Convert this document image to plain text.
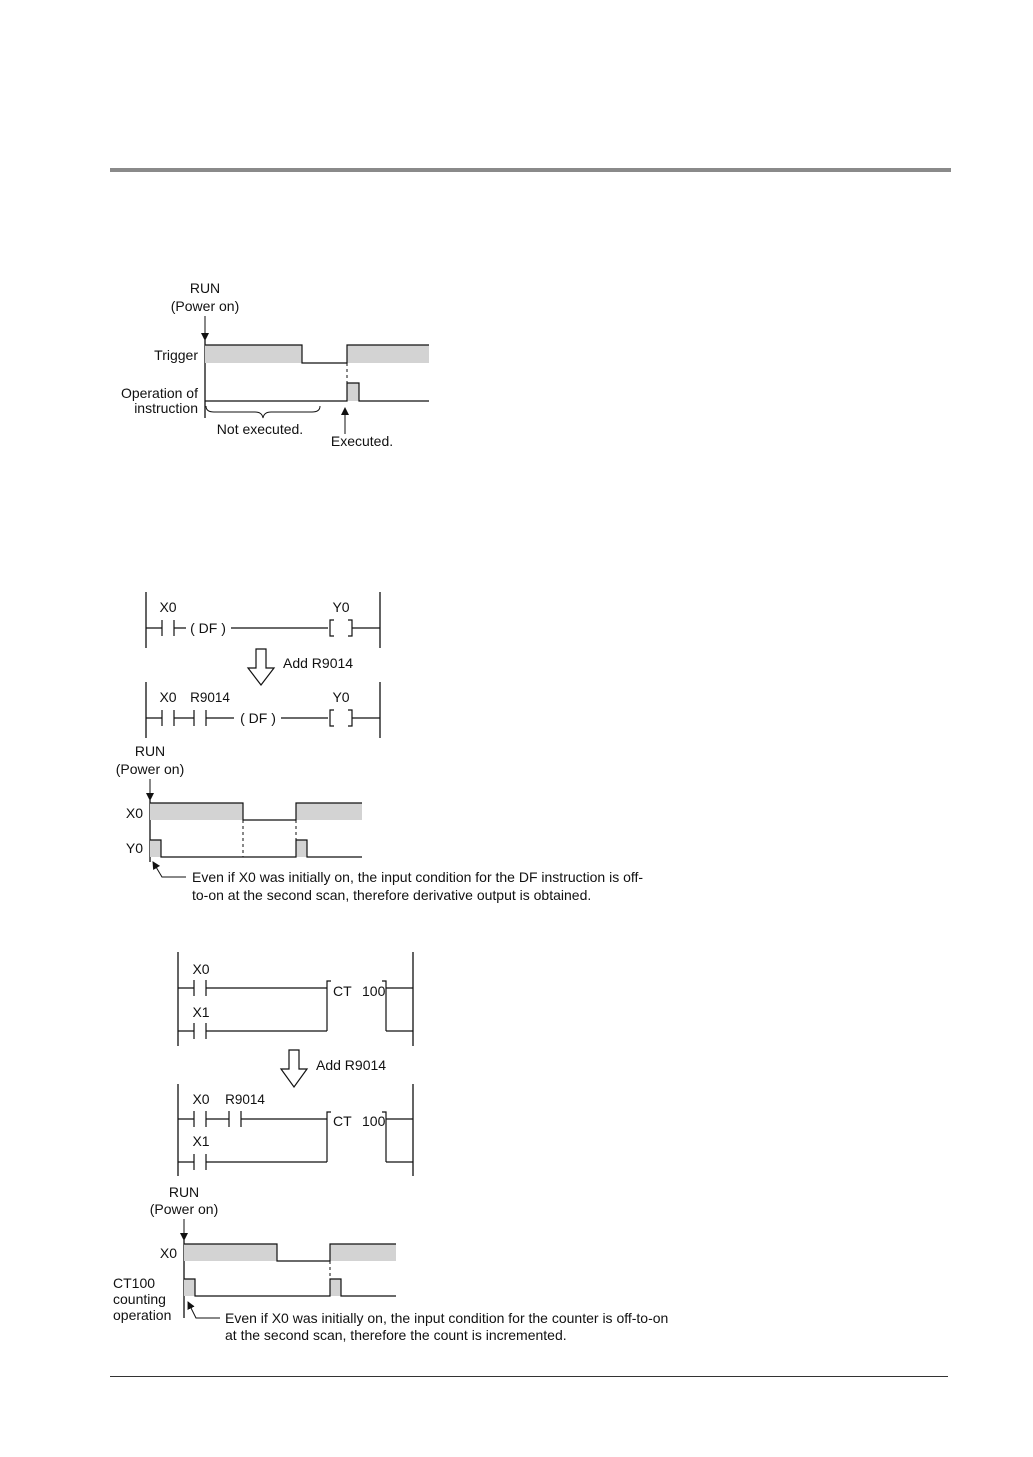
RUN
(Power on)
Trigger
Operation of
instruction
Not executed.
Executed.
X0
( DF )
Y0
Add R9014
X0 R9014
( DF )
Y0
RUN
(Power on)
X0
Y0
Even if X0 was initially on, the input condition for the DF instruction is off-
to-on at the second scan, therefore derivative output is obtained.
X0
X1
CT 100
Add R9014
X0 R9014
X1
CT 100
RUN
(Power on)
X0
CT100
counting
operation	Even if X0 was initially on, the input condition for the counter is off-to-on
at the second scan, therefore the count is incremented.
